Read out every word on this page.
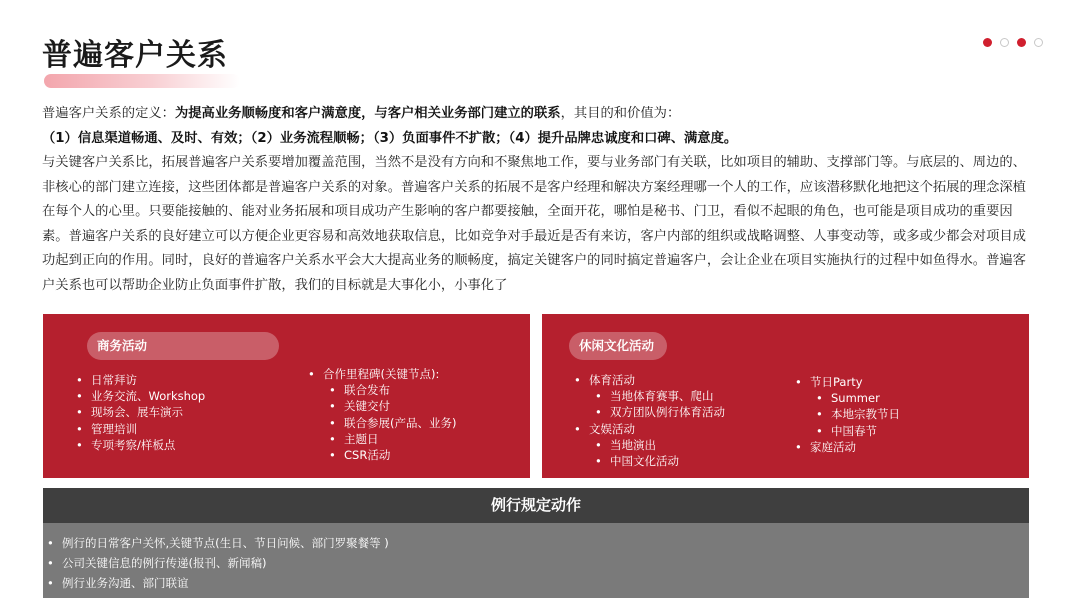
普遍客户关系
普遍客户关系的定义：为提高业务顺畅度和客户满意度，与客户相关业务部门建立的联系，其目的和价值为：
（1）信息渠道畅通、及时、有效；（2）业务流程顺畅；（3）负面事件不扩散；（4）提升品牌忠诚度和口碑、满意度。
与关键客户关系比，拓展普遍客户关系要增加覆盖范围，当然不是没有方向和不聚焦地工作，要与业务部门有关联，比如项目的辅助、支撑部门等。与底层的、周边的、非核心的部门建立连接，这些团体都是普遍客户关系的对象。普遍客户关系的拓展不是客户经理和解决方案经理哪一个人的工作，应该潜移默化地把这个拓展的理念深植在每个人的心里。只要能接触的、能对业务拓展和项目成功产生影响的客户都要接触，全面开花，哪怕是秘书、门卫，看似不起眼的角色，也可能是项目成功的重要因素。普遍客户关系的良好建立可以方便企业更容易和高效地获取信息，比如竞争对手最近是否有来访，客户内部的组织或战略调整、人事变动等，或多或少都会对项目成功起到正向的作用。同时，良好的普遍客户关系水平会大大提高业务的顺畅度，搞定关键客户的同时搞定普遍客户，会让企业在项目实施执行的过程中如鱼得水。普遍客户关系也可以帮助企业防止负面事件扩散，我们的目标就是大事化小，小事化了
商务活动
• 日常拜访
• 业务交流、Workshop
• 现场会、展车演示
• 管理培训
• 专项考察/样板点
• 合作里程碑(关键节点):
• 联合发布
• 关键交付
• 联合参展(产品、业务)
• 主题日
• CSR活动
休闲文化活动
• 体育活动
• 当地体育赛事、爬山
• 双方团队例行体育活动
• 文娱活动
• 当地演出
• 中国文化活动
• 节日Party
• Summer
• 本地宗教节日
• 中国春节
• 家庭活动
例行规定动作
• 例行的日常客户关怀,关键节点(生日、节日问候、部门罗聚餐等 )
• 公司关键信息的例行传递(报刊、新闻稿)
• 例行业务沟通、部门联谊
